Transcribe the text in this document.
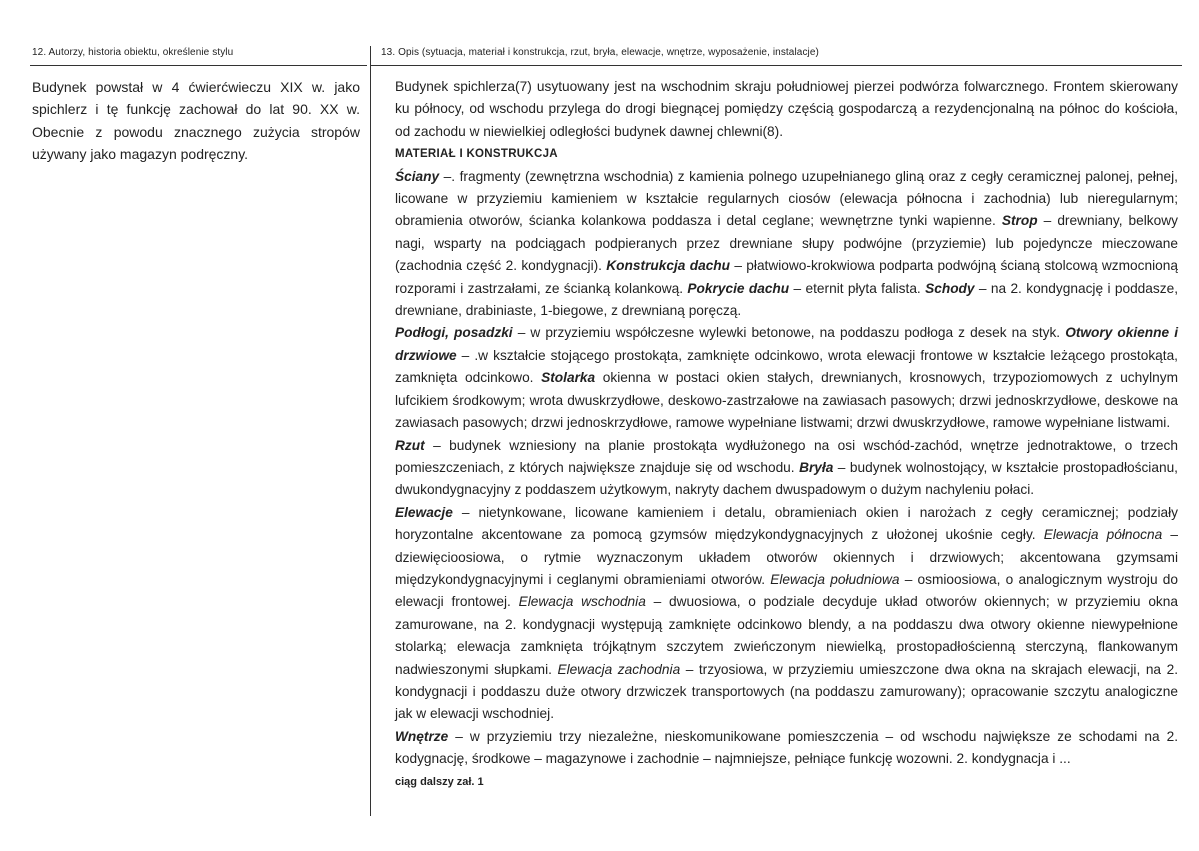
12. Autorzy, historia obiektu, określenie stylu	13. Opis (sytuacja, materiał i konstrukcja, rzut, bryła, elewacje, wnętrze, wyposażenie, instalacje)
Budynek powstał w 4 ćwierćwieczu XIX w. jako spichlerz i tę funkcję zachował do lat 90. XX w. Obecnie z powodu znacznego zużycia stropów używany jako magazyn podręczny.

Budynek spichlerza(7) usytuowany jest na wschodnim skraju południowej pierzei podwórza folwarcznego. Frontem skierowany ku północy, od wschodu przylega do drogi biegnącej pomiędzy częścią gospodarczą a rezydencjonalną na północ do kościoła, od zachodu w niewielkiej odległości budynek dawnej chlewni(8).

MATERIAŁ I KONSTRUKCJA

Ściany –. fragmenty (zewnętrzna wschodnia) z kamienia polnego uzupełnianego gliną oraz z cegły ceramicznej palonej, pełnej, licowane w przyziemiu kamieniem w kształcie regularnych ciosów (elewacja północna i zachodnia) lub nieregularnym; obramienia otworów, ścianka kolankowa poddasza i detal ceglane; wewnętrzne tynki wapienne. Strop – drewniany, belkowy nagi, wsparty na podciągach podpieranych przez drewniane słupy podwójne (przyziemie) lub pojedyncze mieczowane (zachodnia część 2. kondygnacji). Konstrukcja dachu – płatwiowo-krokwiowa podparta podwójną ścianą stolcową wzmocnioną rozporami i zastrzałami, ze ścianką kolankową. Pokrycie dachu – eternit płyta falista. Schody – na 2. kondygnację i poddasze, drewniane, drabiniaste, 1-biegowe, z drewnianą poręczą.

Podłogi, posadzki – w przyziemiu współczesne wylewki betonowe, na poddaszu podłoga z desek na styk. Otwory okienne i drzwiowe – .w kształcie stojącego prostokąta, zamknięte odcinkowo, wrota elewacji frontowe w kształcie leżącego prostokąta, zamknięta odcinkowo. Stolarka okienna w postaci okien stałych, drewnianych, krosnowych, trzypoziomowych z uchylnym lufcikiem środkowym; wrota dwuskrzydłowe, deskowo-zastrzałowe na zawiasach pasowych; drzwi jednoskrzydłowe, deskowe na zawiasach pasowych; drzwi jednoskrzydłowe, ramowe wypełniane listwami; drzwi dwuskrzydłowe, ramowe wypełniane listwami.

Rzut – budynek wzniesiony na planie prostokąta wydłużonego na osi wschód-zachód, wnętrze jednotraktowe, o trzech pomieszczeniach, z których największe znajduje się od wschodu. Bryła – budynek wolnostojący, w kształcie prostopadłościanu, dwukondygnacyjny z poddaszem użytkowym, nakryty dachem dwuspadowym o dużym nachyleniu połaci.

Elewacje – nietynkowane, licowane kamieniem i detalu, obramieniach okien i narożach z cegły ceramicznej; podziały horyzontalne akcentowane za pomocą gzymsów międzykondygnacyjnych z ułożonej ukośnie cegły. Elewacja północna – dziewięcioosiowa, o rytmie wyznaczonym układem otworów okiennych i drzwiowych; akcentowana gzymsami międzykondygnacyjnymi i ceglanymi obramieniami otworów. Elewacja południowa – osmioosiowa, o analogicznym wystroju do elewacji frontowej. Elewacja wschodnia – dwuosiowa, o podziale decyduje układ otworów okiennych; w przyziemiu okna zamurowane, na 2. kondygnacji występują zamknięte odcinkowo blendy, a na poddaszu dwa otwory okienne niewypełnione stolarką; elewacja zamknięta trójkątnym szczytem zwieńczonym niewielką, prostopadłościenną sterczyną, flankowanym nadwieszonymi słupkami. Elewacja zachodnia – trzyosiowa, w przyziemiu umieszczone dwa okna na skrajach elewacji, na 2. kondygnacji i poddaszu duże otwory drzwiczek transportowych (na poddaszu zamurowany); opracowanie szczytu analogiczne jak w elewacji wschodniej.

Wnętrze – w przyziemiu trzy niezależne, nieskomunikowane pomieszczenia – od wschodu największe ze schodami na 2. kodygnację, środkowe – magazynowe i zachodnie – najmniejsze, pełniące funkcję wozowni. 2. kondygnacja i ...

ciąg dalszy zał. 1
